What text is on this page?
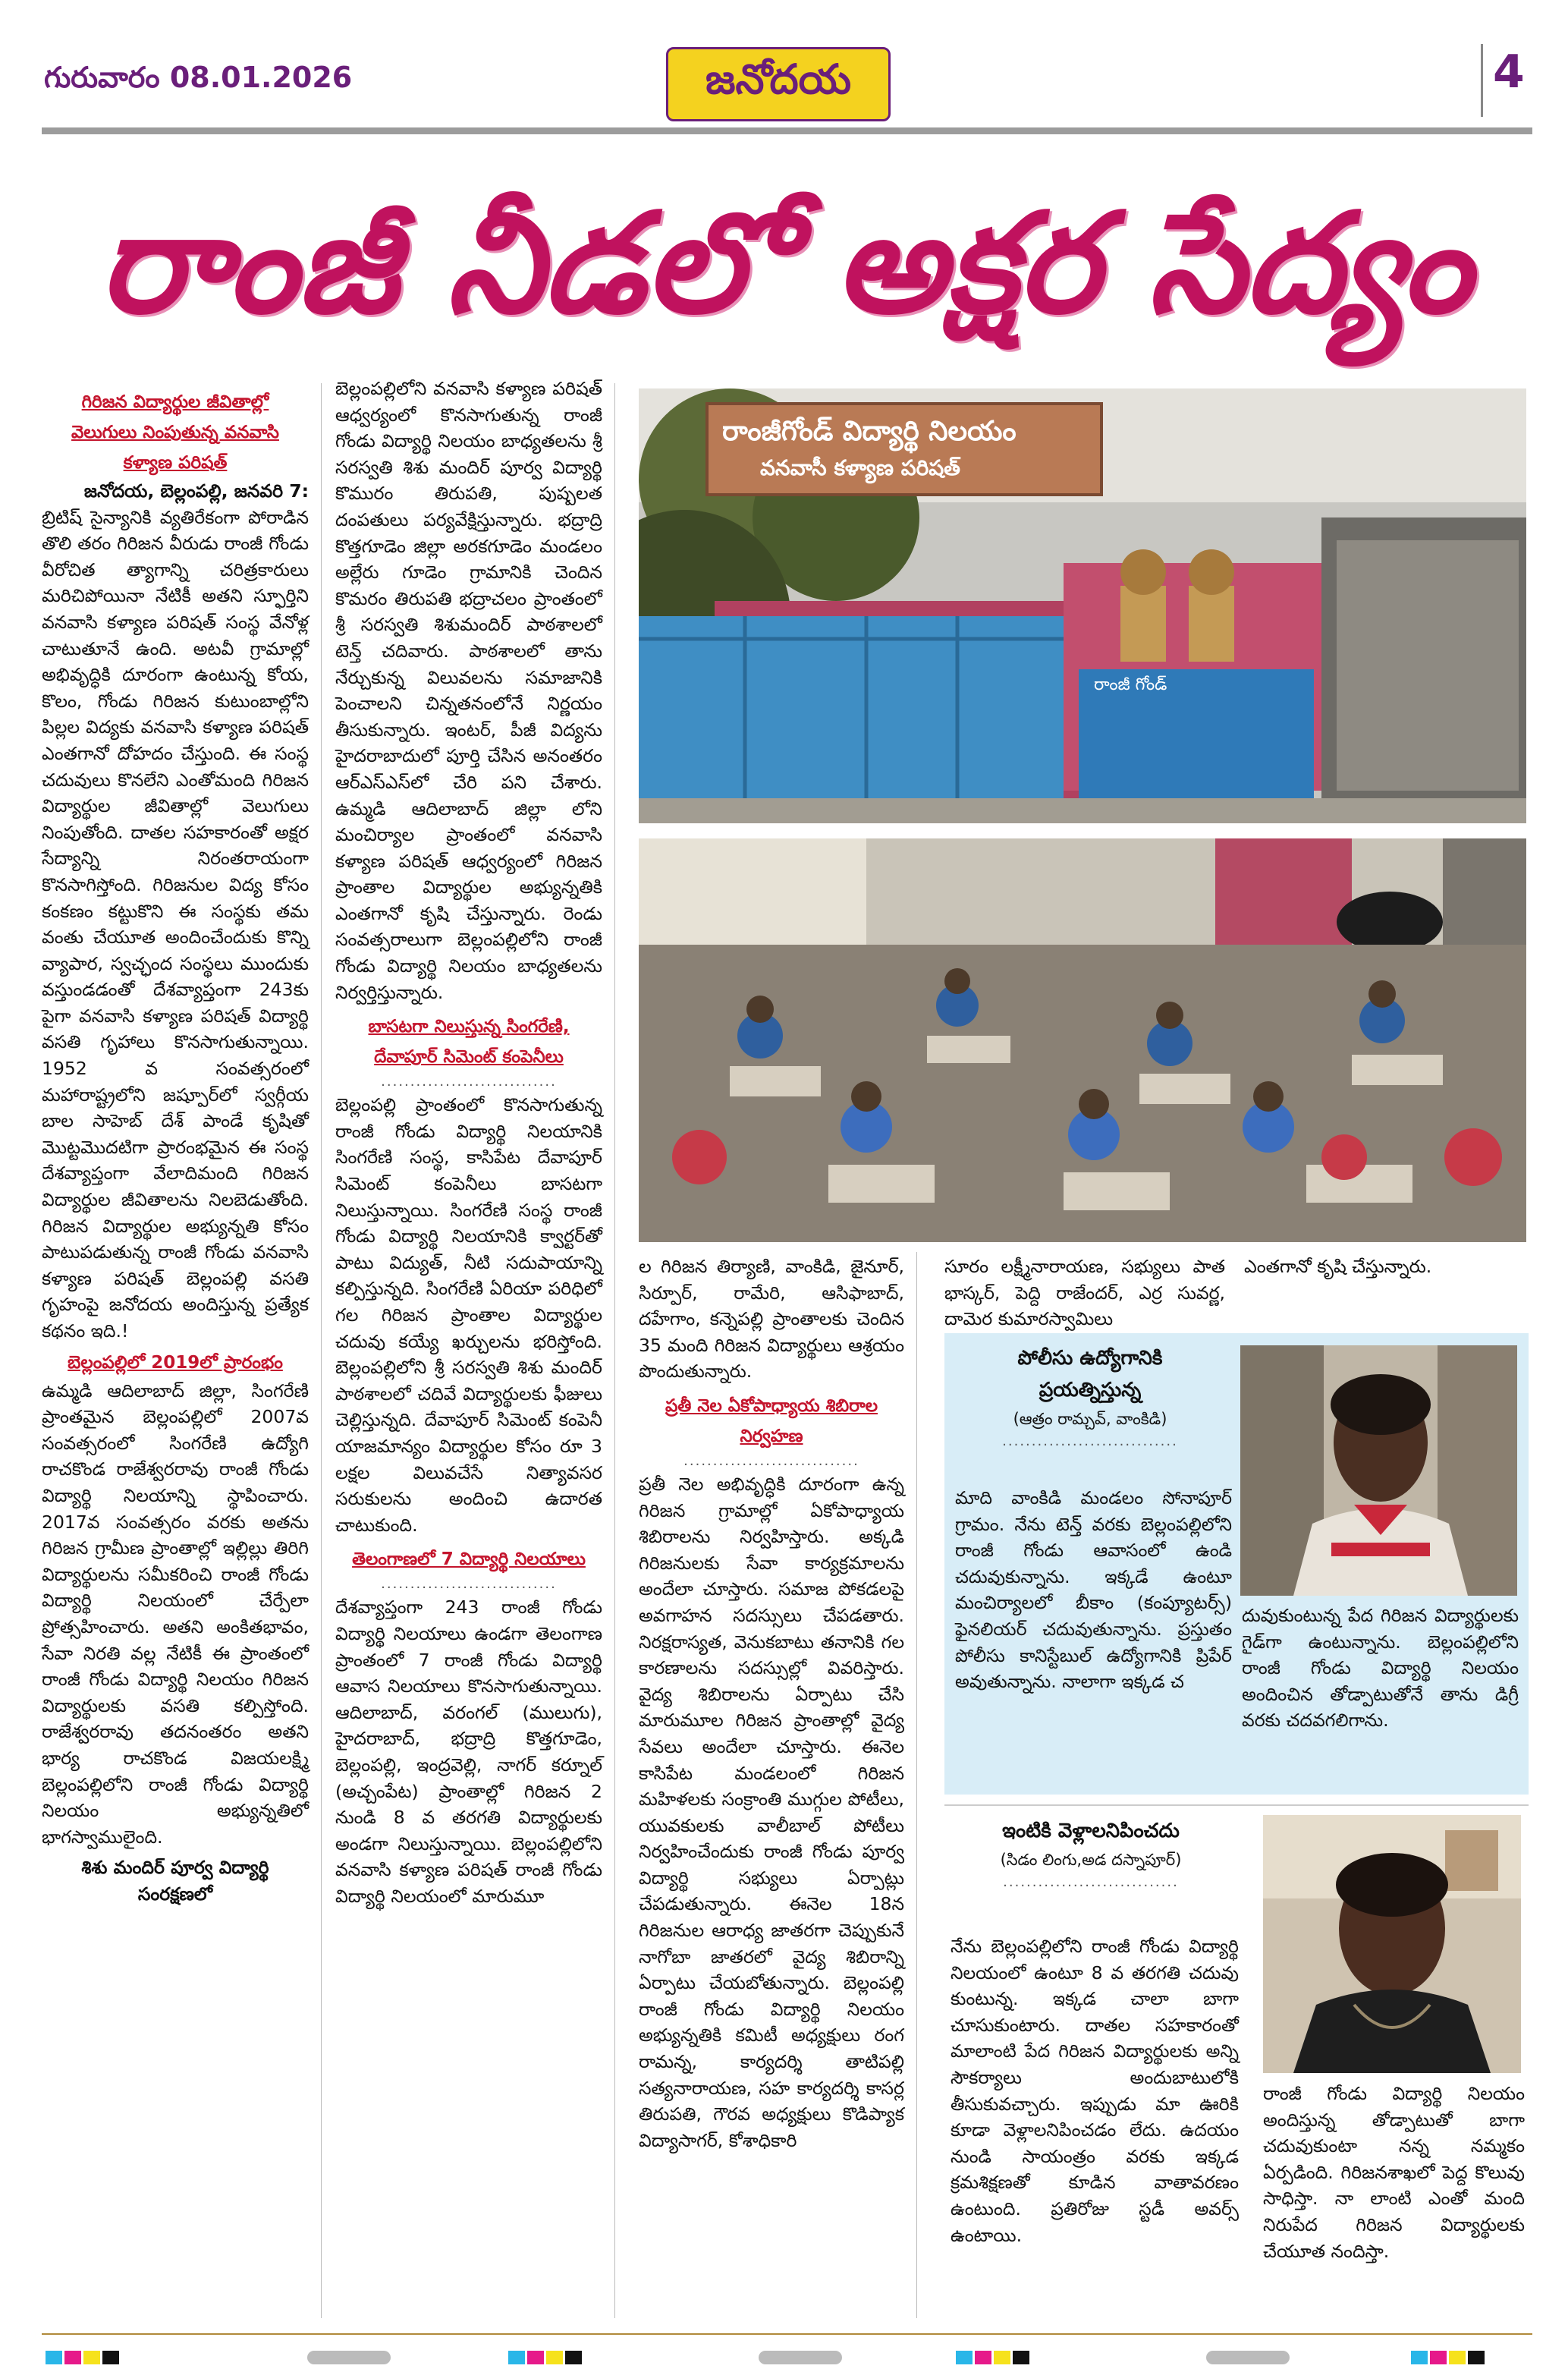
గురువారం 08.01.2026	జనోదయ	4
రాంజీ నీడలో అక్షర సేద్యం
గిరిజన విద్యార్థుల జీవితాల్లో
వెలుగులు నింపుతున్న వనవాసి
కళ్యాణ పరిషత్
జనోదయ, బెల్లంపల్లి, జనవరి 7:

బ్రిటిష్ సైన్యానికి వ్యతిరేకంగా పోరాడిన తొలి తరం గిరిజన వీరుడు రాంజీ గోండు వీరోచిత త్యాగాన్ని చరిత్రకారులు మరిచిపోయినా నేటికీ అతని స్ఫూర్తిని వనవాసి కళ్యాణ పరిషత్ సంస్థ వేనోళ్ల చాటుతూనే ఉంది. అటవీ గ్రామాల్లో అభివృద్ధికి దూరంగా ఉంటున్న కోయ, కొలం, గోండు గిరిజన కుటుంబాల్లోని పిల్లల విద్యకు వనవాసి కళ్యాణ పరిషత్ ఎంతగానో దోహదం చేస్తుంది. ఈ సంస్థ చదువులు కొనలేని ఎంతోమంది గిరిజన విద్యార్థుల జీవితాల్లో వెలుగులు నింపుతోంది. దాతల సహకారంతో అక్షర సేద్యాన్ని నిరంతరాయంగా కొనసాగిస్తోంది. గిరిజనుల విద్య కోసం కంకణం కట్టుకొని ఈ సంస్థకు తమ వంతు చేయూత అందించేందుకు కొన్ని వ్యాపార, స్వచ్ఛంద సంస్థలు ముందుకు వస్తుండడంతో దేశవ్యాప్తంగా 243కు పైగా వనవాసి కళ్యాణ పరిషత్ విద్యార్థి వసతి గృహాలు కొనసాగుతున్నాయి. 1952 వ సంవత్సరంలో మహారాష్ట్రలోని జష్పూర్‌లో స్వర్గీయ బాల సాహెబ్ దేశ్ పాండే కృషితో మొట్టమొదటిగా ప్రారంభమైన ఈ సంస్థ దేశవ్యాప్తంగా వేలాదిమంది గిరిజన విద్యార్థుల జీవితాలను నిలబెడుతోంది. గిరిజన విద్యార్థుల అభ్యున్నతి కోసం పాటుపడుతున్న రాంజీ గోండు వనవాసి కళ్యాణ పరిషత్ బెల్లంపల్లి వసతి గృహంపై జనోదయ అందిస్తున్న ప్రత్యేక కథనం ఇది.!

బెల్లంపల్లిలో 2019లో ప్రారంభం

ఉమ్మడి ఆదిలాబాద్ జిల్లా, సింగరేణి ప్రాంతమైన బెల్లంపల్లిలో 2007వ సంవత్సరంలో సింగరేణి ఉద్యోగి రాచకొండ రాజేశ్వరరావు రాంజీ గోండు విద్యార్థి నిలయాన్ని స్థాపించారు. 2017వ సంవత్సరం వరకు అతను గిరిజన గ్రామీణ ప్రాంతాల్లో ఇల్లిల్లు తిరిగి విద్యార్థులను సమీకరించి రాంజీ గోండు విద్యార్థి నిలయంలో చేర్పేలా ప్రోత్సహించారు. అతని అంకితభావం, సేవా నిరతి వల్ల నేటికీ ఈ ప్రాంతంలో రాంజీ గోండు విద్యార్థి నిలయం గిరిజన విద్యార్థులకు వసతి కల్పిస్తోంది. రాజేశ్వరరావు తదనంతరం అతని భార్య రాచకొండ విజయలక్ష్మి బెల్లంపల్లిలోని రాంజీ గోండు విద్యార్థి నిలయం అభ్యున్నతిలో భాగస్వాములైంది.

శిశు మందిర్ పూర్వ విద్యార్థి
సంరక్షణలో

బెల్లంపల్లిలోని వనవాసి కళ్యాణ పరిషత్ ఆధ్వర్యంలో కొనసాగుతున్న రాంజీ గోండు విద్యార్థి నిలయం బాధ్యతలను శ్రీ సరస్వతి శిశు మందిర్ పూర్వ విద్యార్థి కొమురం తిరుపతి, పుష్పలత దంపతులు పర్యవేక్షిస్తున్నారు. భద్రాద్రి కొత్తగూడెం జిల్లా అరకగూడెం మండలం అల్లేరు గూడెం గ్రామానికి చెందిన కొమరం తిరుపతి భద్రాచలం ప్రాంతంలో శ్రీ సరస్వతి శిశుమందిర్ పాఠశాలలో టెన్త్ చదివారు. పాఠశాలలో తాను నేర్చుకున్న విలువలను సమాజానికి పెంచాలని చిన్నతనంలోనే నిర్ణయం తీసుకున్నారు. ఇంటర్, పీజీ విద్యను హైదరాబాదులో పూర్తి చేసిన అనంతరం ఆర్ఎస్ఎస్‌లో చేరి పని చేశారు. ఉమ్మడి ఆదిలాబాద్ జిల్లా లోని మంచిర్యాల ప్రాంతంలో వనవాసి కళ్యాణ పరిషత్ ఆధ్వర్యంలో గిరిజన ప్రాంతాల విద్యార్థుల అభ్యున్నతికి ఎంతగానో కృషి చేస్తున్నారు. రెండు సంవత్సరాలుగా బెల్లంపల్లిలోని రాంజీ గోండు విద్యార్థి నిలయం బాధ్యతలను నిర్వర్తిస్తున్నారు.

బాసటగా నిలుస్తున్న సింగరేణి,
దేవాపూర్ సిమెంట్ కంపెనీలు
..............................

బెల్లంపల్లి ప్రాంతంలో కొనసాగుతున్న రాంజీ గోండు విద్యార్థి నిలయానికి సింగరేణి సంస్థ, కాసిపేట దేవాపూర్ సిమెంట్ కంపెనీలు బాసటగా నిలుస్తున్నాయి. సింగరేణి సంస్థ రాంజీ గోండు విద్యార్థి నిలయానికి క్వార్టర్‌తో పాటు విద్యుత్, నీటి సదుపాయాన్ని కల్పిస్తున్నది. సింగరేణి ఏరియా పరిధిలో గల గిరిజన ప్రాంతాల విద్యార్థుల చదువు కయ్యే ఖర్చులను భరిస్తోంది. బెల్లంపల్లిలోని శ్రీ సరస్వతి శిశు మందిర్ పాఠశాలలో చదివే విద్యార్థులకు ఫీజులు చెల్లిస్తున్నది. దేవాపూర్ సిమెంట్ కంపెనీ యాజమాన్యం విద్యార్థుల కోసం రూ 3 లక్షల విలువచేసే నిత్యావసర సరుకులను అందించి ఉదారత చాటుకుంది.

తెలంగాణలో 7 విద్యార్థి నిలయాలు
..............................

దేశవ్యాప్తంగా 243 రాంజీ గోండు విద్యార్థి నిలయాలు ఉండగా తెలంగాణ ప్రాంతంలో 7 రాంజీ గోండు విద్యార్థి ఆవాస నిలయాలు కొనసాగుతున్నాయి. ఆదిలాబాద్, వరంగల్ (ములుగు), హైదరాబాద్, భద్రాద్రి కొత్తగూడెం, బెల్లంపల్లి, ఇంద్రవెల్లి, నాగర్ కర్నూల్ (అచ్చంపేట) ప్రాంతాల్లో గిరిజన 2 నుండి 8 వ తరగతి విద్యార్థులకు అండగా నిలుస్తున్నాయి. బెల్లంపల్లిలోని వనవాసి కళ్యాణ పరిషత్ రాంజీ గోండు విద్యార్థి నిలయంలో మారుమూ

రాంజీగోండ్ విద్యార్థి నిలయం
వనవాసీ కళ్యాణ పరిషత్
రాంజీ గోండ్

ల గిరిజన తిర్యాణి, వాంకిడి, జైనూర్, సిర్పూర్, రామేరి, ఆసిఫాబాద్, దహేగాం, కన్నెపల్లి ప్రాంతాలకు చెందిన 35 మంది గిరిజన విద్యార్థులు ఆశ్రయం పొందుతున్నారు.

ప్రతీ నెల ఏకోపాధ్యాయ శిబిరాల
నిర్వహణ
..............................

ప్రతీ నెల అభివృద్ధికి దూరంగా ఉన్న గిరిజన గ్రామాల్లో ఏకోపాధ్యాయ శిబిరాలను నిర్వహిస్తారు. అక్కడి గిరిజనులకు సేవా కార్యక్రమాలను అందేలా చూస్తారు. సమాజ పోకడలపై అవగాహన సదస్సులు చేపడతారు. నిరక్షరాస్యత, వెనుకబాటు తనానికి గల కారణాలను సదస్సుల్లో వివరిస్తారు. వైద్య శిబిరాలను ఏర్పాటు చేసి మారుమూల గిరిజన ప్రాంతాల్లో వైద్య సేవలు అందేలా చూస్తారు. ఈనెల కాసిపేట మండలంలో గిరిజన మహిళలకు సంక్రాంతి ముగ్గుల పోటీలు, యువకులకు వాలీబాల్ పోటీలు నిర్వహించేందుకు రాంజీ గోండు పూర్వ విద్యార్థి సభ్యులు ఏర్పాట్లు చేపడుతున్నారు. ఈనెల 18న గిరిజనుల ఆరాధ్య జాతరగా చెప్పుకునే నాగోబా జాతరలో వైద్య శిబిరాన్ని ఏర్పాటు చేయబోతున్నారు. బెల్లంపల్లి రాంజీ గోండు విద్యార్థి నిలయం అభ్యున్నతికి కమిటీ అధ్యక్షులు రంగ రామన్న, కార్యదర్శి తాటిపల్లి సత్యనారాయణ, సహ కార్యదర్శి కాసర్ల తిరుపతి, గౌరవ అధ్యక్షులు కొడిప్యాక విద్యాసాగర్, కోశాధికారి

సూరం లక్ష్మీనారాయణ, సభ్యులు పాత భాస్కర్, పెద్ది రాజేందర్, ఎర్ర సువర్ణ, దామెర కుమారస్వామిలు

ఎంతగానో కృషి చేస్తున్నారు.

పోలీసు ఉద్యోగానికి
ప్రయత్నిస్తున్న
(ఆత్రం రామ్చవ్, వాంకిడి)
..............................

మాది వాంకిడి మండలం సోనాపూర్ గ్రామం. నేను టెన్త్ వరకు బెల్లంపల్లిలోని రాంజీ గోండు ఆవాసంలో ఉండి చదువుకున్నాను. ఇక్కడే ఉంటూ మంచిర్యాలలో బీకాం (కంప్యూటర్స్) ఫైనలియర్ చదువుతున్నాను. ప్రస్తుతం పోలీసు కానిస్టేబుల్ ఉద్యోగానికి ప్రిపేర్ అవుతున్నాను. నాలాగా ఇక్కడ చ

దువుకుంటున్న పేద గిరిజన విద్యార్థులకు గైడ్‌గా ఉంటున్నాను. బెల్లంపల్లిలోని రాంజీ గోండు విద్యార్థి నిలయం అందించిన తోడ్పాటుతోనే తాను డిగ్రీ వరకు చదవగలిగాను.

ఇంటికి వెళ్లాలనిపించదు
(సిడం లింగు,అడ దస్నాపూర్)
..............................

నేను బెల్లంపల్లిలోని రాంజీ గోండు విద్యార్థి నిలయంలో ఉంటూ 8 వ తరగతి చదువు కుంటున్న. ఇక్కడ చాలా బాగా చూసుకుంటారు. దాతల సహకారంతో మాలాంటి పేద గిరిజన విద్యార్థులకు అన్ని సౌకర్యాలు అందుబాటులోకి తీసుకువచ్చారు. ఇప్పుడు మా ఊరికి కూడా వెళ్లాలనిపించడం లేదు. ఉదయం నుండి సాయంత్రం వరకు ఇక్కడ క్రమశిక్షణతో కూడిన వాతావరణం ఉంటుంది. ప్రతిరోజు స్టడీ అవర్స్ ఉంటాయి.

రాంజీ గోండు విద్యార్థి నిలయం అందిస్తున్న తోడ్పాటుతో బాగా చదువుకుంటా నన్న నమ్మకం ఏర్పడింది. గిరిజనశాఖలో పెద్ద కొలువు సాధిస్తా. నా లాంటి ఎంతో మంది నిరుపేద గిరిజన విద్యార్థులకు చేయూత నందిస్తా.
